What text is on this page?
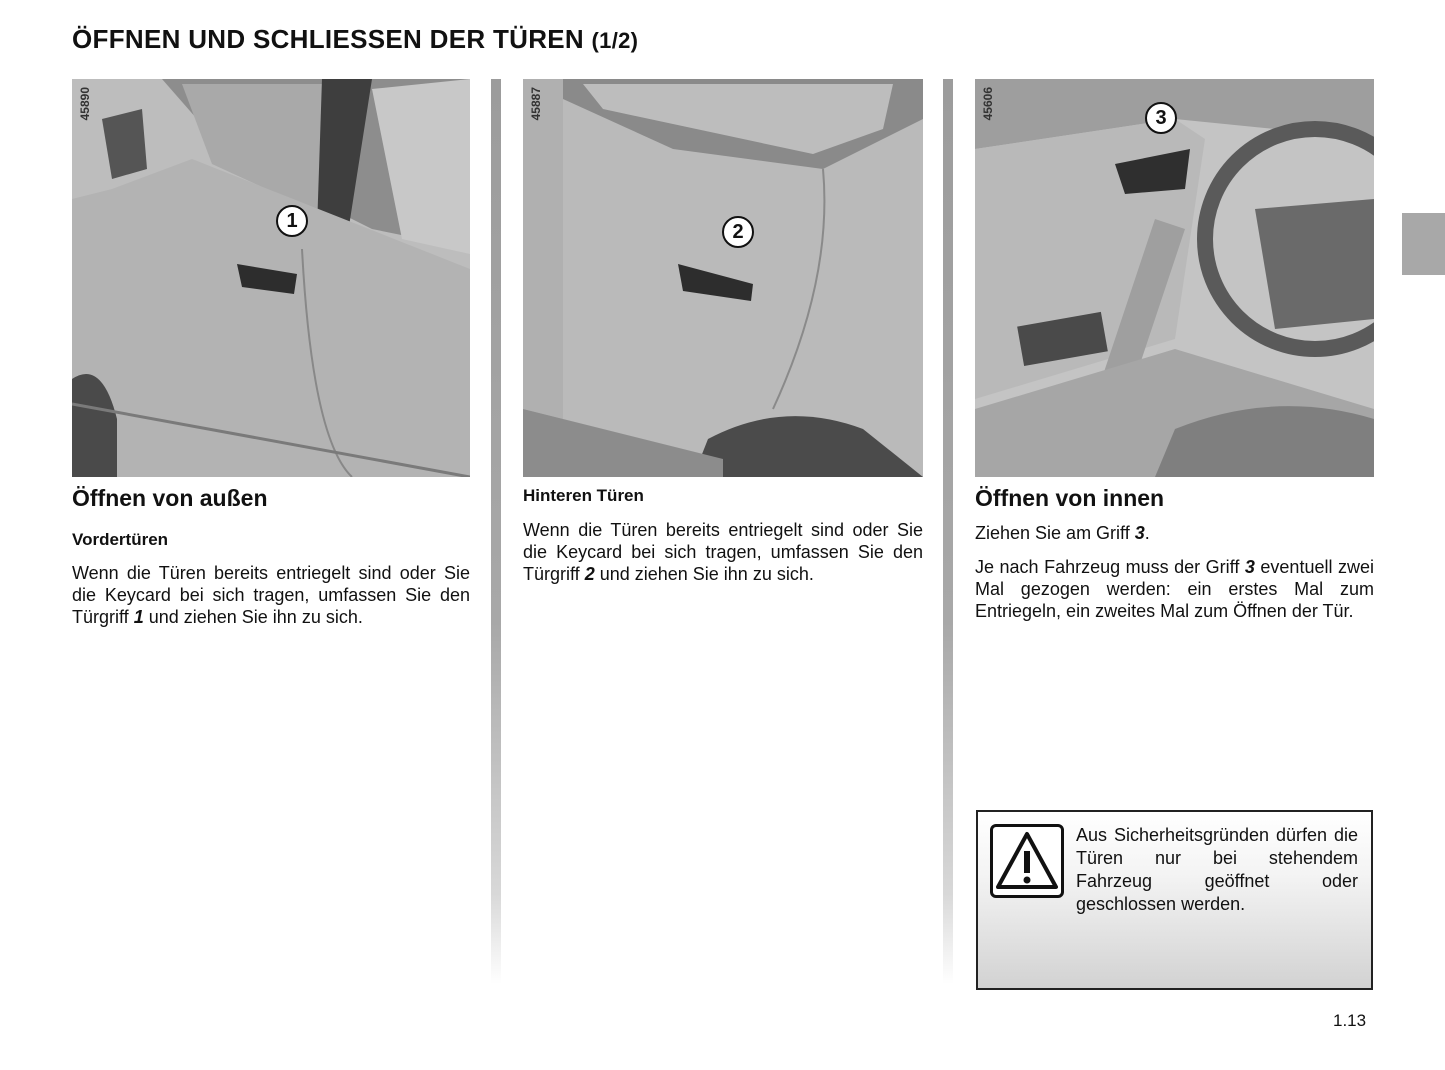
ÖFFNEN UND SCHLIESSEN DER TÜREN (1/2)
45890
1
Öffnen von außen
Vordertüren

Wenn die Türen bereits entriegelt sind oder Sie die Keycard bei sich tragen, umfassen Sie den Türgriff 1 und ziehen Sie ihn zu sich.

45887
2
Hinteren Türen

Wenn die Türen bereits entriegelt sind oder Sie die Keycard bei sich tragen, umfassen Sie den Türgriff 2 und ziehen Sie ihn zu sich.

45606	3
Öffnen von innen

Ziehen Sie am Griff 3.

Je nach Fahrzeug muss der Griff 3 eventuell zwei Mal gezogen werden: ein erstes Mal zum Entriegeln, ein zweites Mal zum Öffnen der Tür.

Aus Sicherheitsgründen dürfen die Türen nur bei stehendem Fahrzeug geöffnet oder geschlossen werden.
1.13
